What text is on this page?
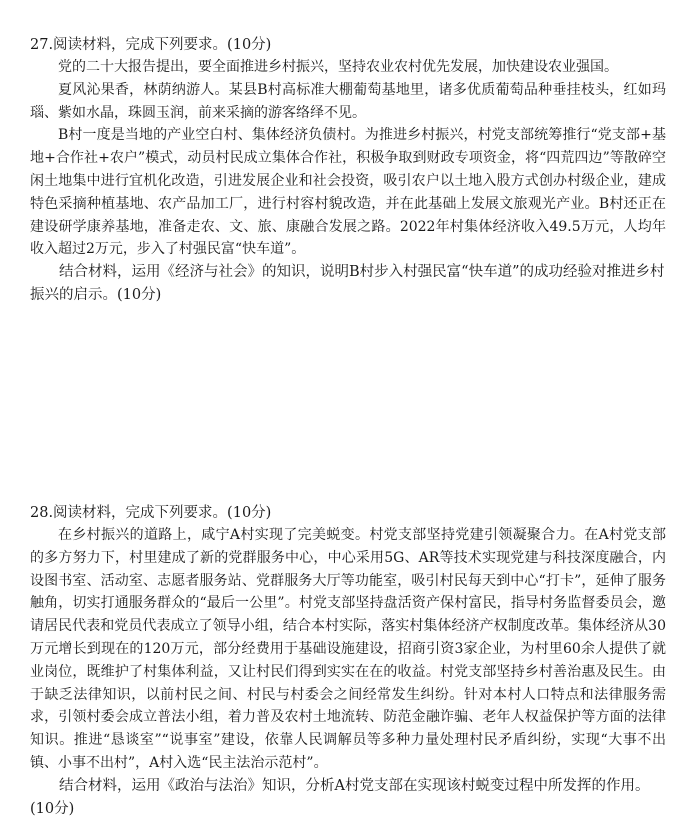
27.阅读材料，完成下列要求。(10分)

党的二十大报告提出，要全面推进乡村振兴，坚持农业农村优先发展，加快建设农业强国。

夏风沁果香，林荫纳游人。某县B村高标准大棚葡萄基地里，诸多优质葡萄品种垂挂枝头，红如玛瑙、紫如水晶，珠圆玉润，前来采摘的游客络绎不见。

B村一度是当地的产业空白村、集体经济负债村。为推进乡村振兴，村党支部统筹推行“党支部+基地+合作社+农户”模式，动员村民成立集体合作社，积极争取到财政专项资金，将“四荒四边”等散碎空闲土地集中进行宜机化改造，引进发展企业和社会投资，吸引农户以土地入股方式创办村级企业，建成特色采摘种植基地、农产品加工厂，进行村容村貌改造，并在此基础上发展文旅观光产业。B村还正在建设研学康养基地，准备走农、文、旅、康融合发展之路。2022年村集体经济收入49.5万元，人均年收入超过2万元，步入了村强民富“快车道”。

结合材料，运用《经济与社会》的知识，说明B村步入村强民富“快车道”的成功经验对推进乡村振兴的启示。(10分)

28.阅读材料，完成下列要求。(10分)

在乡村振兴的道路上，咸宁A村实现了完美蜕变。村党支部坚持党建引领凝聚合力。在A村党支部的多方努力下，村里建成了新的党群服务中心，中心采用5G、AR等技术实现党建与科技深度融合，内设图书室、活动室、志愿者服务站、党群服务大厅等功能室，吸引村民每天到中心“打卡”，延伸了服务触角，切实打通服务群众的“最后一公里”。村党支部坚持盘活资产保村富民，指导村务监督委员会，邀请居民代表和党员代表成立了领导小组，结合本村实际，落实村集体经济产权制度改革。集体经济从30万元增长到现在的120万元，部分经费用于基础设施建设，招商引资3家企业，为村里60余人提供了就业岗位，既维护了村集体利益，又让村民们得到实实在在的收益。村党支部坚持乡村善治惠及民生。由于缺乏法律知识，以前村民之间、村民与村委会之间经常发生纠纷。针对本村人口特点和法律服务需求，引领村委会成立普法小组，着力普及农村土地流转、防范金融诈骗、老年人权益保护等方面的法律知识。推进“恳谈室”“说事室”建设，依靠人民调解员等多种力量处理村民矛盾纠纷，实现“大事不出镇、小事不出村”，A村入选“民主法治示范村”。

结合材料，运用《政治与法治》知识，分析A村党支部在实现该村蜕变过程中所发挥的作用。(10分)
